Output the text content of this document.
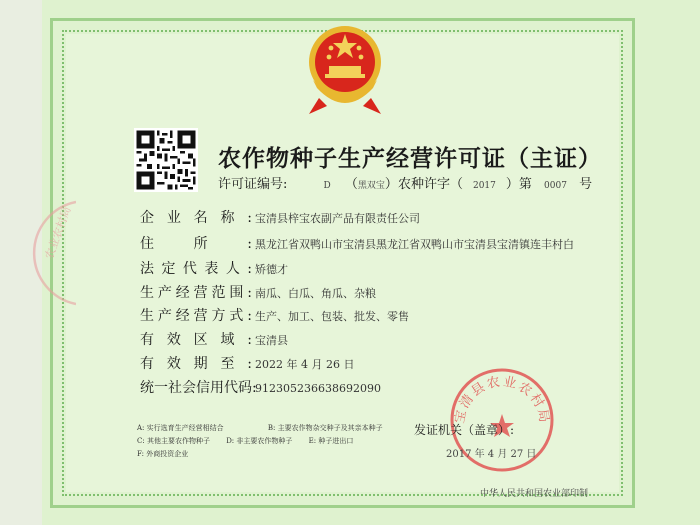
农业农村局
农作物种子生产经营许可证（主证）
许可证编号:	D （黑双宝）农种许字（ 2017 ）第 0007 号
企业名称: 宝清县梓宝农副产品有限责任公司
住所: 黑龙江省双鸭山市宝清县黑龙江省双鸭山市宝清县宝清镇连丰村白
法定代表人: 矫德才
生产经营范围: 南瓜、白瓜、角瓜、杂粮
生产经营方式: 生产、加工、包装、批发、零售
有效区域: 宝清县
有效期至: 2022 年 4 月 26 日
统一社会信用代码:912305236638692090
A: 实行选育生产经营相结合	B: 主要农作物杂交种子及其亲本种子
C: 其他主要农作物种子 D: 非主要农作物种子 E: 种子进出口
F: 外商投资企业
宝清县农业农村局
发证机关（盖章）:
2017 年 4 月 27 日
中华人民共和国农业部印制
